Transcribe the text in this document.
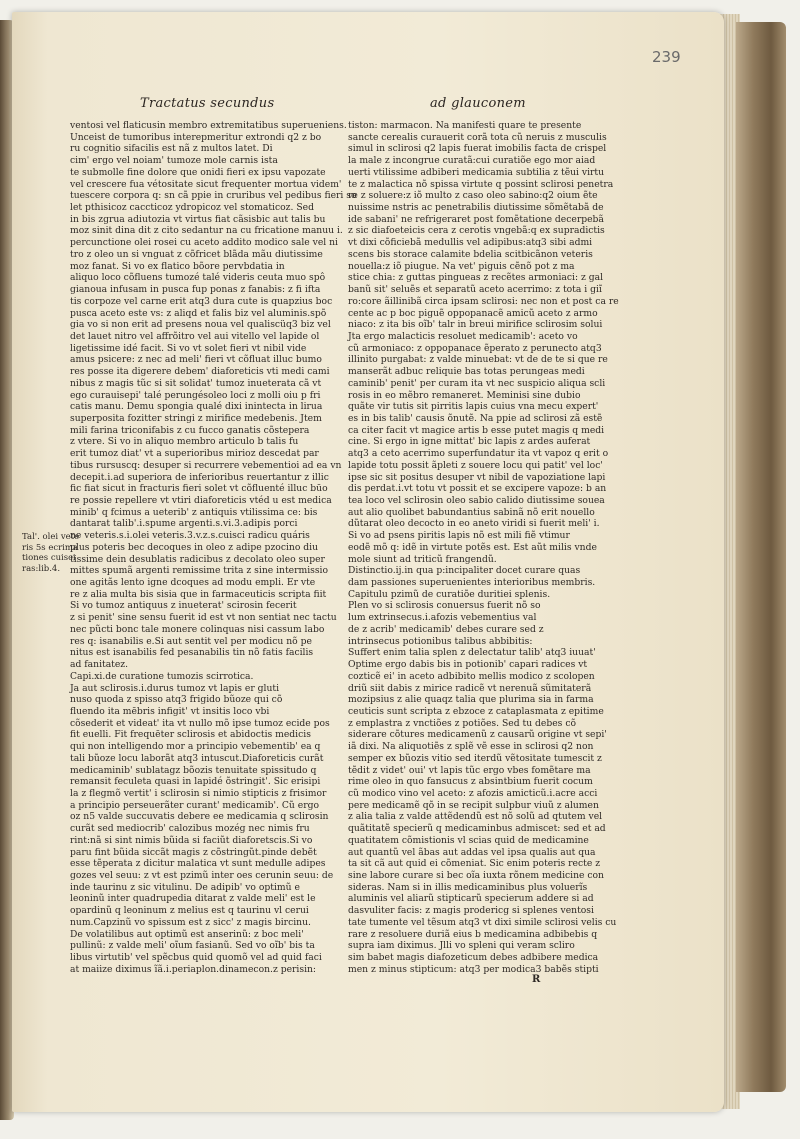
239
Tractatus secundus	ad glauconem
Tal'. olei vete
ris 5s ecrima
tiones cuisci
ras:lib.4.
ventosi vel flaticusin membro extremitatibus superueniens.
Unceist de tumoribus interepmeritur extrondi q2 z bo
ru cognitio sifacilis est nã z multos latet. Di
cim' ergo vel noiam' tumoze mole carnis ista
te submolle fine dolore que onidi fieri ex ipsu vapozate
vel crescere fua vétositate sicut frequenter mortua videm'
tuescere corpora q: sn cã ppie in cruribus vel pedibus fieri so
let pthisicoz caccticoz ydropicoz vel stomaticoz. Sed
in bis zgrua adiutozia vt virtus fiat cãsisbic aut talis bu
moz sinit dina dit z cito sedantur na cu fricatione manuu i.
percunctione olei rosei cu aceto addito modico sale vel ni
tro z oleo un si vnguat z cõfricet blãda mãu diutissime
moz fanat. Si vo ex flatico bõore pervbdatia in
aliquo loco cõfluens tumozé talé videris ceuta muo spô
gianoua infusam in pusca fup ponas z fanabis: z fi ifta
tis corpoze vel carne erit atq3 dura cute is quapzius boc
pusca aceto este vs: z aliqd et falis biz vel aluminis.spõ
gia vo si non erit ad presens noua vel qualiscüq3 biz vel
det lauet nitro vel affrõitro vel aui vitello vel lapide ol
ligetissime idé facit. Si vo vt solet fieri vt nibil vide
amus psicere: z nec ad meli' fieri vt cõfluat illuc bumo
res posse ita digerere debem' diaforeticis vti medi cami
nibus z magis tũc si sit solidat' tumoz inueterata cã vt
ego curauisepi' talé perungésoleo loci z molli oiu p fri
catis manu. Demu spongia qualé dixi inintecta in lirua
superposita fozitter stringi z mirifice medebenis. Jtem
mili farina triconifabis z cu fucco ganatis cõstepera
z vtere. Si vo in aliquo membro articulo b talis fu
erit tumoz diat' vt a superioribus mirioz descedat par
tibus rursuscq: desuper si recurrere vebementioi ad ea vn
decepit.i.ad superiora de inferioribus reuertantur z illic
fic fiat sicut in fracturis fieri solet vt cõfluenté illuc būo
re possie repellere vt vtiri diaforeticis vtéd u est medica
minib' q fcimus a ueterib' z antiquis vtilissima ce: bis
dantarat talib'.i.spume argenti.s.vi.3.adipis porci
ne veteris.s.i.olei veteris.3.v.z.s.cuisci radicu quáris
plus poteris bec decoques in oleo z adipe pzocino diu
tissime dein desublatis radicibus z decolato oleo super
mittes spumã argenti remissime trita z sine intermissio
one agitãs lento igne dcoques ad modu empli. Er vte
re z alia multa bis sisia que in farmaceuticis scripta fiit
Si vo tumoz antiquus z inueterat' scirosin fecerit
z si penit' sine sensu fuerit id est vt non sentiat nec tactu
nec pũcti bonc tale monere colinquas nisi cassum labo
res q: isanabilis e.Si aut sentit vel per modicu nõ pe
nitus est isanabilis fed pesanabilis tin nõ fatis facilis
ad fanitatez.
Capi.xi.de curatione tumozis scirrotica.
Ja aut sclirosis.i.durus tumoz vt lapis er gluti
nuso quoda z spisso atq3 frigido bũoze qui cõ
fluendo ita mēbris infigit' vt insitis loco vbi
cõsederit et videat' ita vt nullo mõ ipse tumoz ecide pos
fit euelli. Fit frequēter sclirosis et abidoctis medicis
qui non intelligendo mor a principio vebementib' ea q
tali bũoze locu laborãt atq3 intuscut.Diaforeticis curãt
medicaminib' sublatagz bõozis tenuitate spissitudo q
remansit feculeta quasi in lapidé õstringit'. Sic erisipi
la z flegmõ vertit' i sclirosin si nimio stipticis z frisimor
a principio perseuerãter curant' medicamib'. Cũ ergo
oz n5 valde succuvatis debere ee medicamia q sclirosin
curãt sed mediocrib' calozibus mozég nec nimis fru
rint:nã si sint nimis bũida si faciũt diaforetscis.Si vo
paru fint bũida siccãt magis z cõstringũt.pinde debẽt
esse tẽperata z dicitur malatica vt sunt medulle adipes
gozes vel seuu: z vt est pzimũ inter oes cerunin seuu: de
inde taurinu z sic vitulinu. De adipib' vo optimũ e
leoninũ inter quadrupedia ditarat z valde meli' est le
opardinũ q leoninum z melius est q taurinu vl cerui
num.Capzinũ vo spissum est z sicc' z magis bircinu.
De volatilibus aut optimũ est anserinũ: z boc meli'
pullinũ: z valde meli' oĩum fasianũ. Sed vo oĩb' bis ta
libus virtutib' vel spẽcbus quid quomõ vel ad quid faci
at maiize diximus ĩã.i.periaplon.dinamecon.z perisin:
tiston: marmacon. Na manifesti quare te presente
sancte cerealis curauerit corã tota cũ neruis z musculis
simul in sclirosi q2 lapis fuerat imobilis facta de crispel
la male z incongrue curatã:cui curatiõe ego mor aiad
uerti vtilissime adbiberi medicamia subtilia z tẽui virtu
te z malactica nõ spissa virtute q possint sclirosi penetra
re z soluere:z iõ multo z caso oleo sabino:q2 oium ẽte
nuissime nstris ac penetrabilis diutissime sõmẽtabã de
ide sabani' ne refrigeraret post fomẽtatione decerpebã
z sic diafoeteicis cera z cerotis vngebã:q ex supradictis
vt dixi cõficiebã medullis vel adipibus:atq3 sibi admi
scens bis storace calamite bdelia scitbicãnon veteris
nouella:z iõ piugue. Na vet' piguis cẽnõ pot z ma
stice chia: z guttas pingueas z recẽtes armoniaci: z gal
banũ sit' seluẽs et separatũ aceto acerrimo: z tota i giĩ
ro:core ãillinibã circa ipsam sclirosi: nec non et post ca re
cente ac p boc piguẽ oppopanacẽ amicũ aceto z armo
niaco: z ita bis oĩb' talr in breui mirifice sclirosim solui
Jta ergo malacticis resoluet medicamib': aceto vo
cũ armoniaco: z oppopanace ẽperato z perunecto atq3
illinito purgabat: z valde minuebat: vt de de te si que re
manserãt adbuc reliquie bas totas perungeas medi
caminib' penit' per curam ita vt nec suspicio aliqua scli
rosis in eo mẽbro remaneret. Meminisi sine dubio
quãte vir tutis sit pirritis lapis cuius vna mecu expert'
es in bis talib' causis õnutẽ. Na ppie ad sclirosi zã estẽ
ca citer facit vt magice artis b esse putet magis q medi
cine. Si ergo in igne mittat' bic lapis z ardes auferat
atq3 a ceto acerrimo superfundatur ita vt vapoz q erit o
lapide totu possit ãpleti z souere locu qui patit' vel loc'
ipse sic sit positus desuper vt nibil de vapoziatione lapi
dis perdat.i.vt totu vt possit et se excipere vapoze: b an
tea loco vel sclirosin oleo sabio calido diutissime souea
aut alio quolibet babundantius sabinã nõ erit nouello
dũtarat oleo decocto in eo aneto viridi si fuerit meli' i.
Si vo ad psens piritis lapis nõ est mili fiẽ vtimur
eodẽ mõ q: idẽ in virtute potẽs est. Est aũt milis vnde
mole siunt ad triticũ frangendũ.
Distinctio.ij.in qua p:incipaliter docet curare quas
dam passiones superuenientes interioribus membris.
Capitulu pzimũ de curatiõe duritiei splenis.
Plen vo si sclirosis conuersus fuerit nõ so
lum extrinsecus.i.afozis vebementius val
de z acrib' medicamib' debes curare sed z
intrinsecus potionibus talibus abbibitis:
Suffert enim talia splen z delectatur talib' atq3 iuuat'
Optime ergo dabis bis in potionib' capari radices vt
cozticẽ ei' in aceto adbibito mellis modico z scolopen
driũ siit dabis z mirice radicẽ vt nerenuã sũmitaterã
mozipsius z alie quaqz talia que plurima sia in farma
ceuticis sunt scripta z ebzoce z cataplasmata z epitime
z emplastra z vnctiões z potiões. Sed tu debes cõ
siderare cõtures medicamenũ z causarũ origine vt sepi'
iã dixi. Na aliquotiẽs z splẽ vẽ esse in sclirosi q2 non
semper ex bũozis vitio sed iterdũ vẽtositate tumescit z
tẽdit z videt' oui' vt lapis tũc ergo vbes fomẽtare ma
rime oleo in quo fansucus z absintbium fuerit cocum
cũ modico vino vel aceto: z afozis amicticũ.i.acre acci
pere medicamẽ qõ in se recipit sulpbur viuũ z alumen
z alia talia z valde attẽdendũ est nõ solũ ad qtutem vel
quãtitatẽ specierũ q medicaminbus admiscet: sed et ad
quatitatem cõmistionis vl scias quid de medicamine
aut quantũ vel ãbas aut addas vel ipsa qualis aut qua
ta sit cã aut quid ei cõmeniat. Sic enim poteris recte z
sine labore curare si bec oĩa iuxta rõnem medicine con
sideras. Nam si in illis medicaminibus plus voluerĩs
aluminis vel aliarũ stipticarũ specierum addere si ad
dasvuliter facis: z magis prodericg si splenes ventosi
tate tumente vel tẽsum atq3 vt dixi simile sclirosi velis cu
rare z resoluere duriã eius b medicamina adbibebis q
supra iam diximus. Jlli vo spleni qui veram scliro
sim babet magis diafozeticum debes adbibere medica
men z minus stipticum: atq3 per modica3 babẽs stipti
R
